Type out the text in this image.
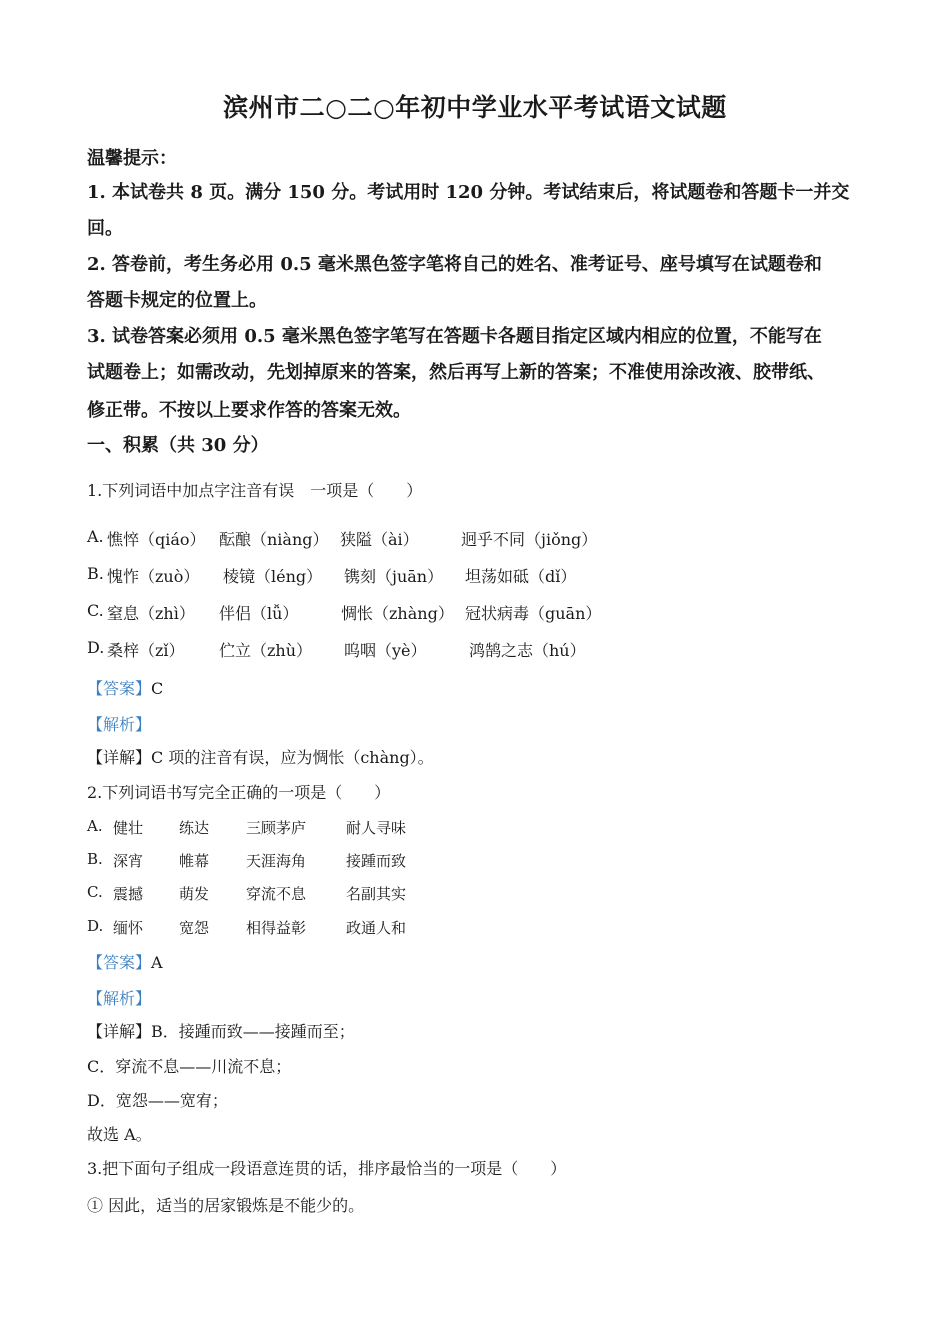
滨州市二○二○年初中学业水平考试语文试题
温馨提示：
1. 本试卷共 8 页。满分 150 分。考试用时 120 分钟。考试结束后，将试题卷和答题卡一并交
回。
2. 答卷前，考生务必用 0.5 毫米黑色签字笔将自己的姓名、准考证号、座号填写在试题卷和
答题卡规定的位置上。
3. 试卷答案必须用 0.5 毫米黑色签字笔写在答题卡各题目指定区域内相应的位置，不能写在
试题卷上；如需改动，先划掉原来的答案，然后再写上新的答案；不准使用涂改液、胶带纸、
修正带。不按以上要求作答的答案无效。
一、积累（共 30 分）
1.下列词语中加点字注音有误　一项是（　　）
A. 憔悴（qiáo） 酝酿（niàng） 狭隘（ài）	迥乎不同（jiǒng）
B. 愧怍（zuò） 棱镜（léng） 镌刻（juān） 坦荡如砥（dǐ）
C. 窒息（zhì） 伴侣（lǚ）	惆怅（zhàng） 冠状病毒（guān）
D. 桑梓（zǐ） 伫立（zhù） 呜咽（yè）	鸿鹄之志（hú）
【答案】C
【解析】
【详解】C 项的注音有误，应为惆怅（chàng）。
2.下列词语书写完全正确的一项是（　　）
A. 健壮 练达 三顾茅庐	耐人寻味
B. 深宵 帷幕 天涯海角	接踵而致
C. 震撼 萌发 穿流不息	名副其实
D. 缅怀 宽怨 相得益彰	政通人和
【答案】A
【解析】
【详解】B．接踵而致——接踵而至；
C．穿流不息——川流不息；
D．宽怨——宽宥；
故选 A。
3.把下面句子组成一段语意连贯的话，排序最恰当的一项是（　　）
① 因此，适当的居家锻炼是不能少的。
